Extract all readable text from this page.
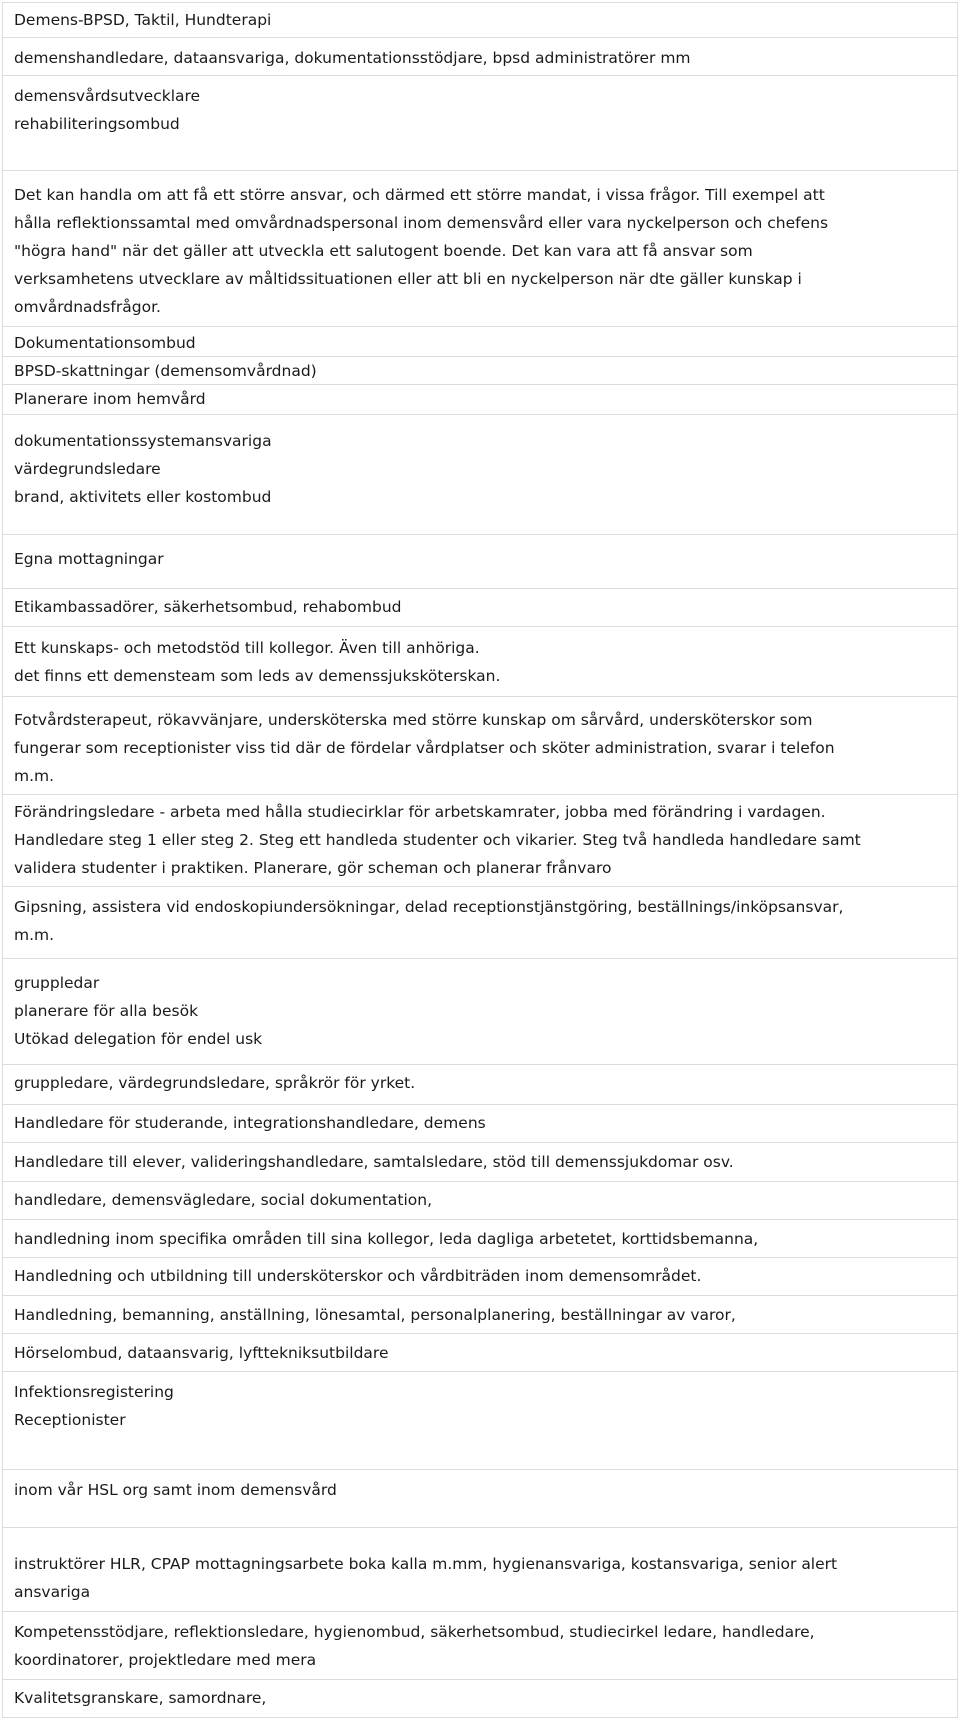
Demens-BPSD, Taktil, Hundterapi
demenshandledare, dataansvariga, dokumentationsstödjare, bpsd administratörer mm
demensvårdsutvecklare
rehabiliteringsombud
Det kan handla om att få ett större ansvar, och därmed ett större mandat, i vissa frågor. Till exempel att
hålla reflektionssamtal med omvårdnadspersonal inom demensvård eller vara nyckelperson och chefens
"högra hand" när det gäller att utveckla ett salutogent boende. Det kan vara att få ansvar som
verksamhetens utvecklare av måltidssituationen eller att bli en nyckelperson när dte gäller kunskap i
omvårdnadsfrågor.
Dokumentationsombud
BPSD-skattningar (demensomvårdnad)
Planerare inom hemvård
dokumentationssystemansvariga
värdegrundsledare
brand, aktivitets eller kostombud
Egna mottagningar
Etikambassadörer, säkerhetsombud, rehabombud
Ett kunskaps- och metodstöd till kollegor. Även till anhöriga.
det finns ett demensteam som leds av demenssjuksköterskan.
Fotvårdsterapeut, rökavvänjare, undersköterska med större kunskap om sårvård, undersköterskor som
fungerar som receptionister viss tid där de fördelar vårdplatser och sköter administration, svarar i telefon
m.m.
Förändringsledare - arbeta med hålla studiecirklar för arbetskamrater, jobba med förändring i vardagen.
Handledare steg 1 eller steg 2. Steg ett handleda studenter och vikarier. Steg två handleda handledare samt
validera studenter i praktiken. Planerare, gör scheman och planerar frånvaro
Gipsning, assistera vid endoskopiundersökningar, delad receptionstjänstgöring, beställnings/inköpsansvar,
m.m.
gruppledar
planerare för alla besök
Utökad delegation för endel usk
gruppledare, värdegrundsledare, språkrör för yrket.
Handledare för studerande, integrationshandledare, demens
Handledare till elever, valideringshandledare, samtalsledare, stöd till demenssjukdomar osv.
handledare, demensvägledare, social dokumentation,
handledning inom specifika områden till sina kollegor, leda dagliga arbetetet, korttidsbemanna,
Handledning och utbildning till undersköterskor och vårdbiträden inom demensområdet.
Handledning, bemanning, anställning, lönesamtal, personalplanering, beställningar av varor,
Hörselombud, dataansvarig, lyfttekniksutbildare
Infektionsregistering
Receptionister
inom vår HSL org samt inom demensvård
instruktörer HLR, CPAP mottagningsarbete boka kalla m.mm, hygienansvariga, kostansvariga, senior alert
ansvariga
Kompetensstödjare, reflektionsledare, hygienombud, säkerhetsombud, studiecirkel ledare, handledare,
koordinatorer, projektledare med mera
Kvalitetsgranskare, samordnare,
